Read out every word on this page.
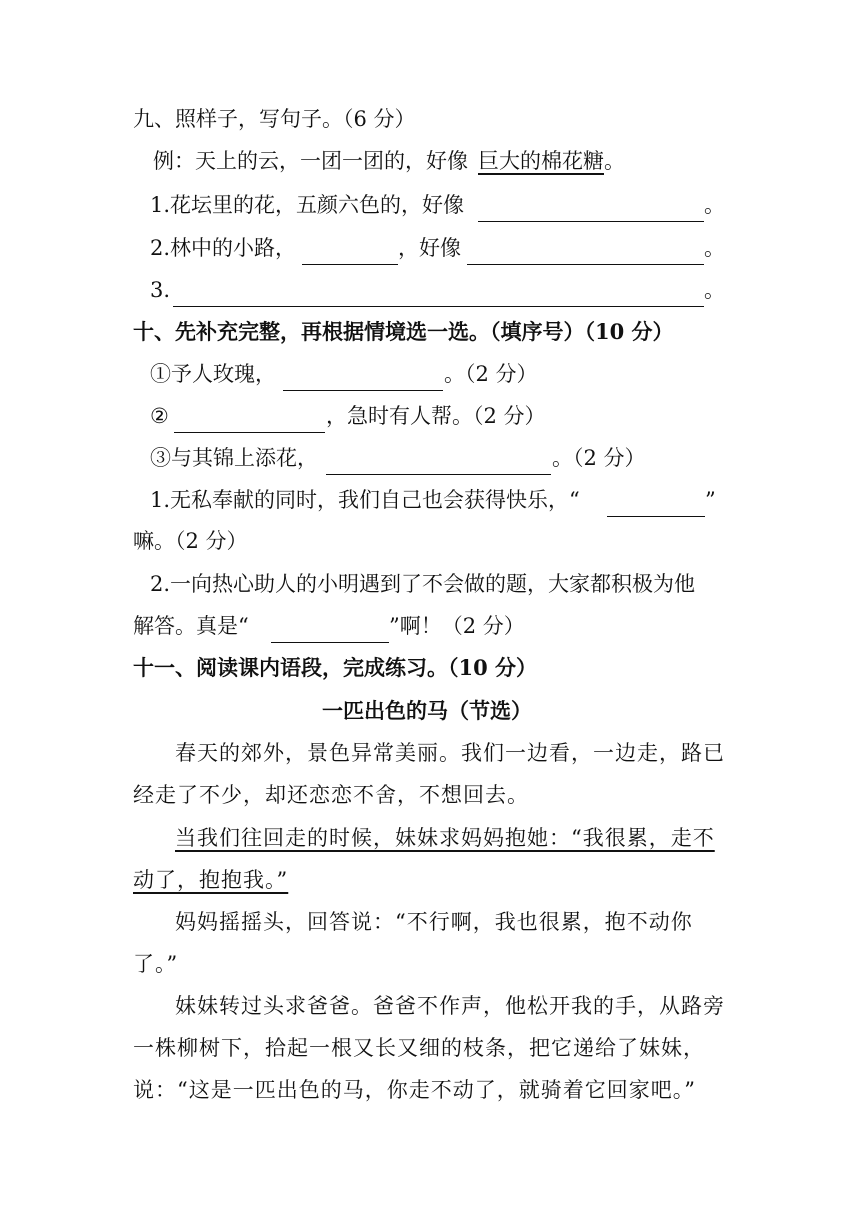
九、照样子，写句子。（6 分）
例：天上的云，一团一团的，好像 巨大的棉花糖 。
1.花坛里的花，五颜六色的，好像	。
2.林中的小路，	，好像	。
3.	。
十、先补充完整，再根据情境选一选。（填序号）（10 分）
①予人玫瑰，	。（2 分）
②	，急时有人帮。（2 分）
③与其锦上添花，	。（2 分）
1.无私奉献的同时，我们自己也会获得快乐，“	”
嘛。（2 分）
2.一向热心助人的小明遇到了不会做的题，大家都积极为他
解答。真是“	”啊！（2 分）
十一、阅读课内语段，完成练习。（10 分）
一匹出色的马（节选）
春天的郊外，景色异常美丽。我们一边看，一边走，路已
经走了不少，却还恋恋不舍，不想回去。
当我们往回走的时候，妹妹求妈妈抱她：“我很累，走不
动了，抱抱我。”
妈妈摇摇头，回答说：“不行啊，我也很累，抱不动你
了。”
妹妹转过头求爸爸。爸爸不作声，他松开我的手，从路旁
一株柳树下，拾起一根又长又细的枝条，把它递给了妹妹，
说：“这是一匹出色的马，你走不动了，就骑着它回家吧。”
